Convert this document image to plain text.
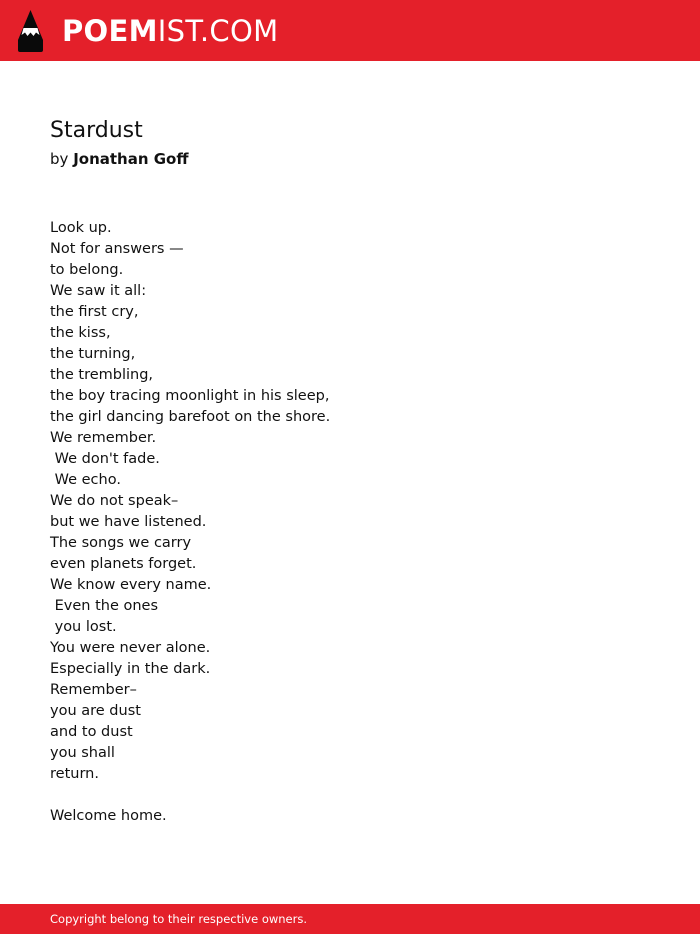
POEMIST.COM
Stardust
by Jonathan Goff
Look up.
Not for answers —
to belong.
We saw it all:
the first cry,
the kiss,
the turning,
the trembling,
the boy tracing moonlight in his sleep,
the girl dancing barefoot on the shore.
We remember.
We don't fade.
We echo.
We do not speak–
but we have listened.
The songs we carry
even planets forget.
We know every name.
Even the ones
you lost.
You were never alone.
Especially in the dark.
Remember–
you are dust
and to dust
you shall
return.
Welcome home.
Copyright belong to their respective owners.
